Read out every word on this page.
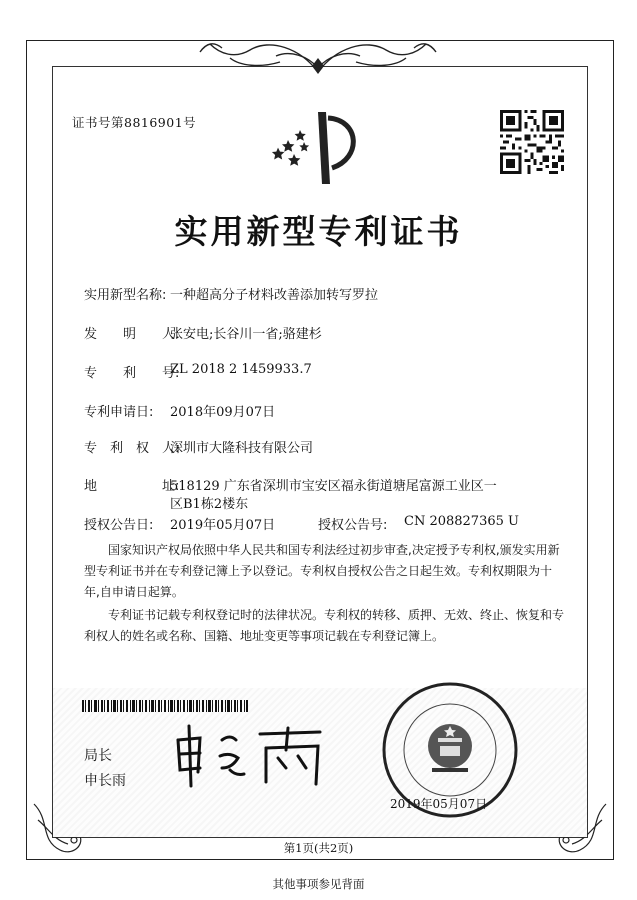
证书号第8816901号
实用新型专利证书
实用新型名称: 一种超高分子材料改善添加转写罗拉
发　　明　　人:
张安电;长谷川一省;骆建杉
专　　利　　号:
ZL 2018 2 1459933.7
专利申请日: 2018年09月07日
专　利　权　人:
深圳市大隆科技有限公司
地　　　　　址:
518129 广东省深圳市宝安区福永街道塘尾富源工业区一
区B1栋2楼东
授权公告日: 2019年05月07日	授权公告号: CN 208827365 U
国家知识产权局依照中华人民共和国专利法经过初步审查,决定授予专利权,颁发实用新型专利证书并在专利登记簿上予以登记。专利权自授权公告之日起生效。专利权期限为十年,自申请日起算。
专利证书记载专利权登记时的法律状况。专利权的转移、质押、无效、终止、恢复和专利权人的姓名或名称、国籍、地址变更等事项记载在专利登记簿上。
局长
申长雨
2019年05月07日
第1页(共2页)
其他事项参见背面
